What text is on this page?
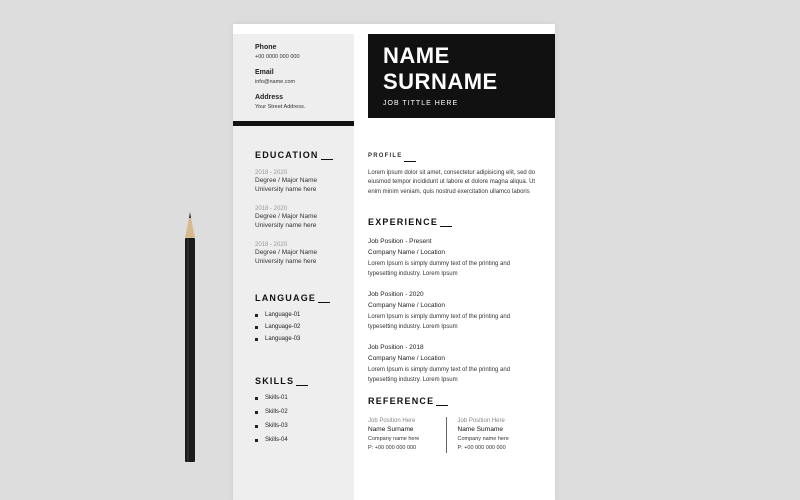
Phone

+00 0000 000 000

Email

info@name.com

Address

Your Street Address.

NAME
SURNAME
JOB TITTLE HERE

EDUCATION

2018 - 2020
Degree / Major Name
University name here
2018 - 2020
Degree / Major Name
University name here
2018 - 2020
Degree / Major Name
University name here

LANGUAGE

Language-01
Language-02
Language-03

SKILLS

Skills-01
Skills-02
Skills-03
Skills-04

PROFILE

Lorem ipsum dolor sit amet, consectetur adipisicing elit, sed do eiusmod tempor incididunt ut labore et dolore magna aliqua. Ut enim minim veniam, quis nostrud exercitation ullamco laboris

EXPERIENCE

Job Position - Present
Company Name / Location
Lorem Ipsum is simply dummy text of the printing and typesetting industry. Lorem Ipsum
Job Position - 2020
Company Name / Location
Lorem Ipsum is simply dummy text of the printing and typesetting industry. Lorem Ipsum
Job Position - 2018
Company Name / Location
Lorem Ipsum is simply dummy text of the printing and typesetting industry. Lorem Ipsum

REFERENCE

Job Position Here
Name Surname
Company name here
P: +00 000 000 000
Job Position Here
Name Surname
Company name here
P: +00 000 000 000
